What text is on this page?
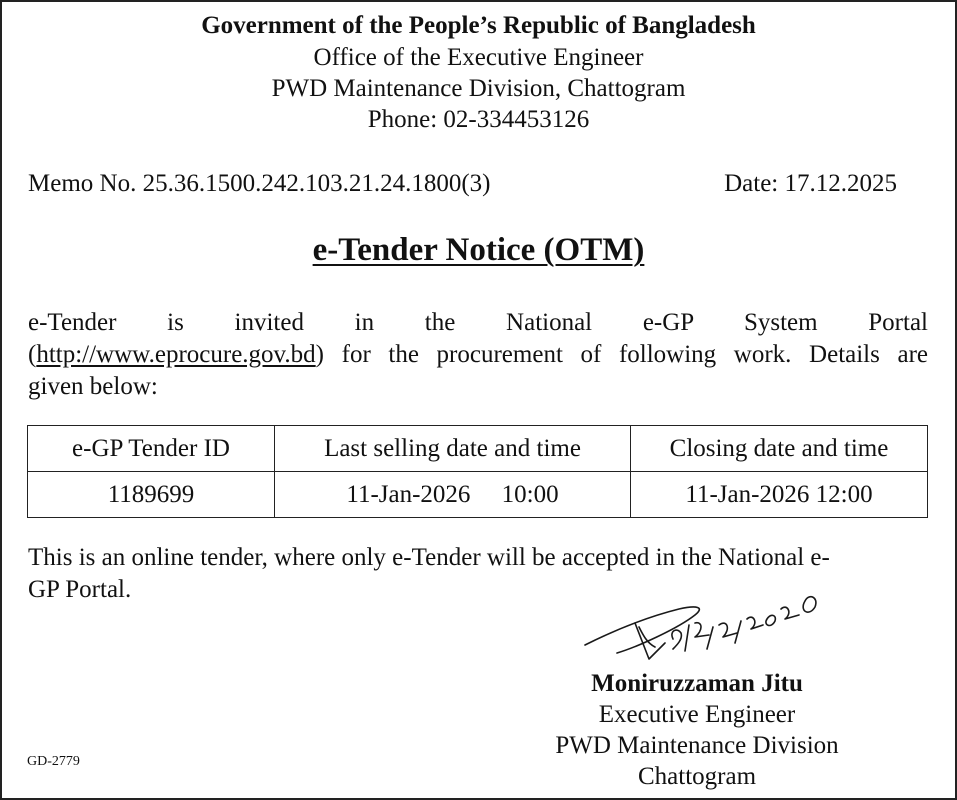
Government of the People’s Republic of Bangladesh
Office of the Executive Engineer
PWD Maintenance Division, Chattogram
Phone: 02-334453126
Memo No. 25.36.1500.242.103.21.24.1800(3)	Date: 17.12.2025
e-Tender Notice (OTM)
e-Tender is invited in the National e-GP System Portal
(http://www.eprocure.gov.bd) for the procurement of following work. Details are
given below:
e-GP Tender ID	Last selling date and time	Closing date and time
1189699	11-Jan-2026     10:00	11-Jan-2026 12:00
This is an online tender, where only e-Tender will be accepted in the National e-
GP Portal.
Moniruzzaman Jitu
Executive Engineer
PWD Maintenance Division
Chattogram
GD-2779
